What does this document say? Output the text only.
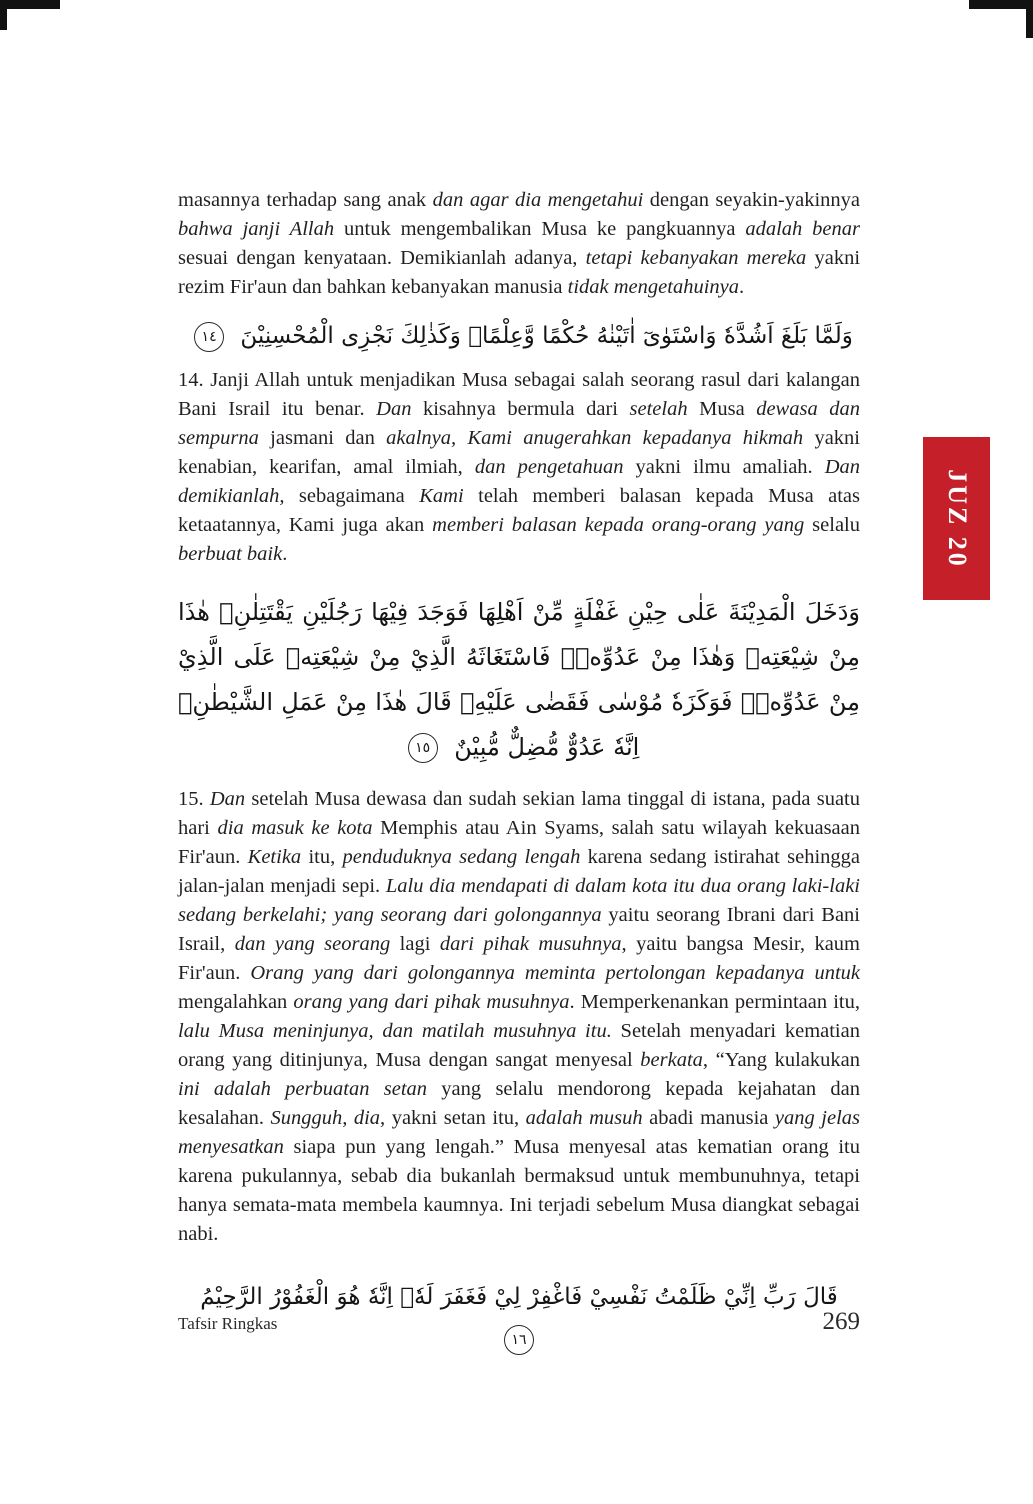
masannya terhadap sang anak dan agar dia mengetahui dengan seyakin-yakinnya bahwa janji Allah untuk mengembalikan Musa ke pangkuannya adalah benar sesuai dengan kenyataan. Demikianlah adanya, tetapi kebanyakan mereka yakni rezim Fir'aun dan bahkan kebanyakan manusia tidak mengetahuinya.

وَلَمَّا بَلَغَ اَشُدَّهٗ وَاسْتَوٰىٓ اٰتَيْنٰهُ حُكْمًا وَّعِلْمًاۗ وَكَذٰلِكَ نَجْزِى الْمُحْسِنِيْنَ ١٤

14. Janji Allah untuk menjadikan Musa sebagai salah seorang rasul dari kalangan Bani Israil itu benar. Dan kisahnya bermula dari setelah Musa dewasa dan sempurna jasmani dan akalnya, Kami anugerahkan kepadanya hikmah yakni kenabian, kearifan, amal ilmiah, dan pengetahuan yakni ilmu amaliah. Dan demikianlah, sebagaimana Kami telah memberi balasan kepada Musa atas ketaatannya, Kami juga akan memberi balasan kepada orang-orang yang selalu berbuat baik.

وَدَخَلَ الْمَدِيْنَةَ عَلٰى حِيْنِ غَفْلَةٍ مِّنْ اَهْلِهَا فَوَجَدَ فِيْهَا رَجُلَيْنِ يَقْتَتِلٰنِۖ هٰذَا مِنْ شِيْعَتِهٖ وَهٰذَا مِنْ عَدُوِّهٖۚ فَاسْتَغَاثَهُ الَّذِيْ مِنْ شِيْعَتِهٖ عَلَى الَّذِيْ مِنْ عَدُوِّهٖۙ فَوَكَزَهٗ مُوْسٰى فَقَضٰى عَلَيْهِۖ قَالَ هٰذَا مِنْ عَمَلِ الشَّيْطٰنِۗ اِنَّهٗ عَدُوٌّ مُّضِلٌّ مُّبِيْنٌ ١٥

15. Dan setelah Musa dewasa dan sudah sekian lama tinggal di istana, pada suatu hari dia masuk ke kota Memphis atau Ain Syams, salah satu wilayah kekuasaan Fir'aun. Ketika itu, penduduknya sedang lengah karena sedang istirahat sehingga jalan-jalan menjadi sepi. Lalu dia mendapati di dalam kota itu dua orang laki-laki sedang berkelahi; yang seorang dari golongannya yaitu seorang Ibrani dari Bani Israil, dan yang seorang lagi dari pihak musuhnya, yaitu bangsa Mesir, kaum Fir'aun. Orang yang dari golongannya meminta pertolongan kepadanya untuk mengalahkan orang yang dari pihak musuhnya. Memperkenankan permintaan itu, lalu Musa meninjunya, dan matilah musuhnya itu. Setelah menyadari kematian orang yang ditinjunya, Musa dengan sangat menyesal berkata, “Yang kulakukan ini adalah perbuatan setan yang selalu mendorong kepada kejahatan dan kesalahan. Sungguh, dia, yakni setan itu, adalah musuh abadi manusia yang jelas menyesatkan siapa pun yang lengah.” Musa menyesal atas kematian orang itu karena pukulannya, sebab dia bukanlah bermaksud untuk membunuhnya, tetapi hanya semata-mata membela kaumnya. Ini terjadi sebelum Musa diangkat sebagai nabi.

قَالَ رَبِّ اِنِّيْ ظَلَمْتُ نَفْسِيْ فَاغْفِرْ لِيْ فَغَفَرَ لَهٗۗ اِنَّهٗ هُوَ الْغَفُوْرُ الرَّحِيْمُ ١٦
JUZ 20
Tafsir Ringkas	269
